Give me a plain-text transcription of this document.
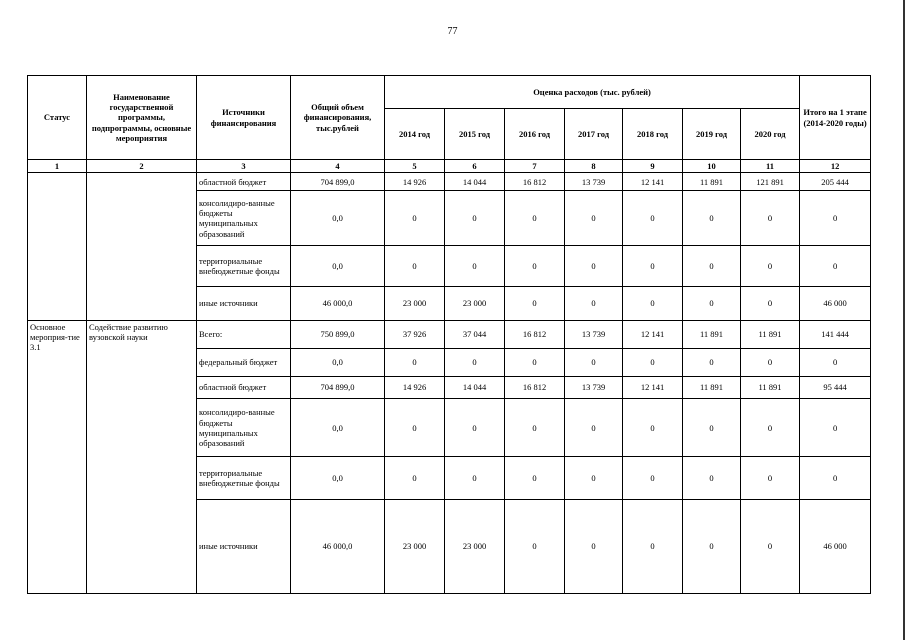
77
Статус	Наименование государственной программы, подпрограммы, основные мероприятия	Источники финансирования	Общий объем финансирования, тыс.рублей	Оценка расходов (тыс. рублей)							Итого на 1 этапе (2014-2020 годы)
				2014 год	2015 год	2016 год	2017 год	2018 год	2019 год	2020 год	
1	2	3	4	5	6	7	8	9	10	11	12
		областной бюджет	704 899,0	14 926	14 044	16 812	13 739	12 141	11 891	121 891	205 444
		консолидиро-ванные бюджеты муниципальных образований	0,0	0	0	0	0	0	0	0	0
		территориальные внебюджетные фонды	0,0	0	0	0	0	0	0	0	0
		иные источники	46 000,0	23 000	23 000	0	0	0	0	0	46 000
Основное мероприя-тие 3.1	Содействие развитию вузовской науки	Всего:	750 899,0	37 926	37 044	16 812	13 739	12 141	11 891	11 891	141 444
		федеральный бюджет	0,0	0	0	0	0	0	0	0	0
		областной бюджет	704 899,0	14 926	14 044	16 812	13 739	12 141	11 891	11 891	95 444
		консолидиро-ванные бюджеты муниципальных образований	0,0	0	0	0	0	0	0	0	0
		территориальные внебюджетные фонды	0,0	0	0	0	0	0	0	0	0
		иные источники	46 000,0	23 000	23 000	0	0	0	0	0	46 000
